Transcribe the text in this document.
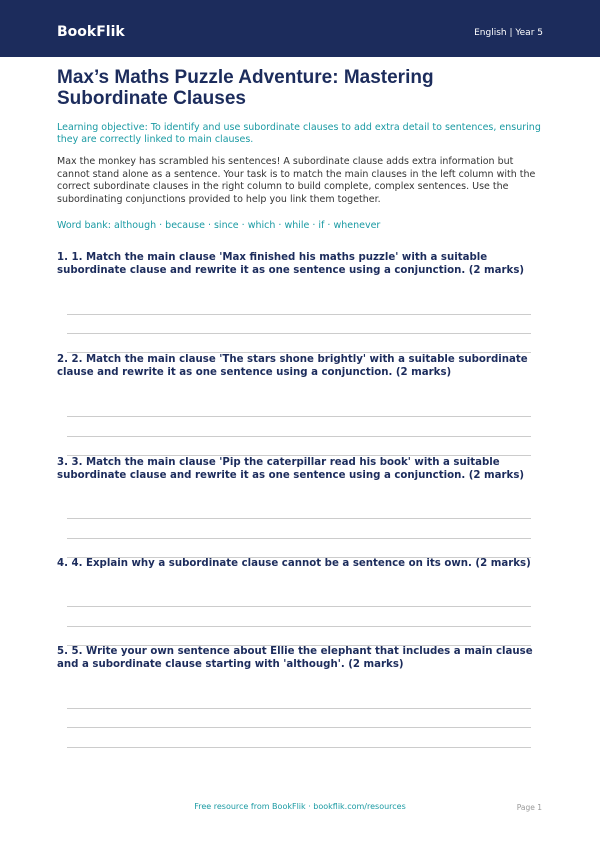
BookFlik	English | Year 5
Max’s Maths Puzzle Adventure: Mastering Subordinate Clauses
Learning objective: To identify and use subordinate clauses to add extra detail to sentences, ensuring they are correctly linked to main clauses.
Max the monkey has scrambled his sentences! A subordinate clause adds extra information but cannot stand alone as a sentence. Your task is to match the main clauses in the left column with the correct subordinate clauses in the right column to build complete, complex sentences. Use the subordinating conjunctions provided to help you link them together.
Word bank: although · because · since · which · while · if · whenever
1. 1. Match the main clause 'Max finished his maths puzzle' with a suitable subordinate clause and rewrite it as one sentence using a conjunction. (2 marks)
2. 2. Match the main clause 'The stars shone brightly' with a suitable subordinate clause and rewrite it as one sentence using a conjunction. (2 marks)
3. 3. Match the main clause 'Pip the caterpillar read his book' with a suitable subordinate clause and rewrite it as one sentence using a conjunction. (2 marks)
4. 4. Explain why a subordinate clause cannot be a sentence on its own. (2 marks)
5. 5. Write your own sentence about Ellie the elephant that includes a main clause and a subordinate clause starting with 'although'. (2 marks)
Free resource from BookFlik · bookflik.com/resources	Page 1
